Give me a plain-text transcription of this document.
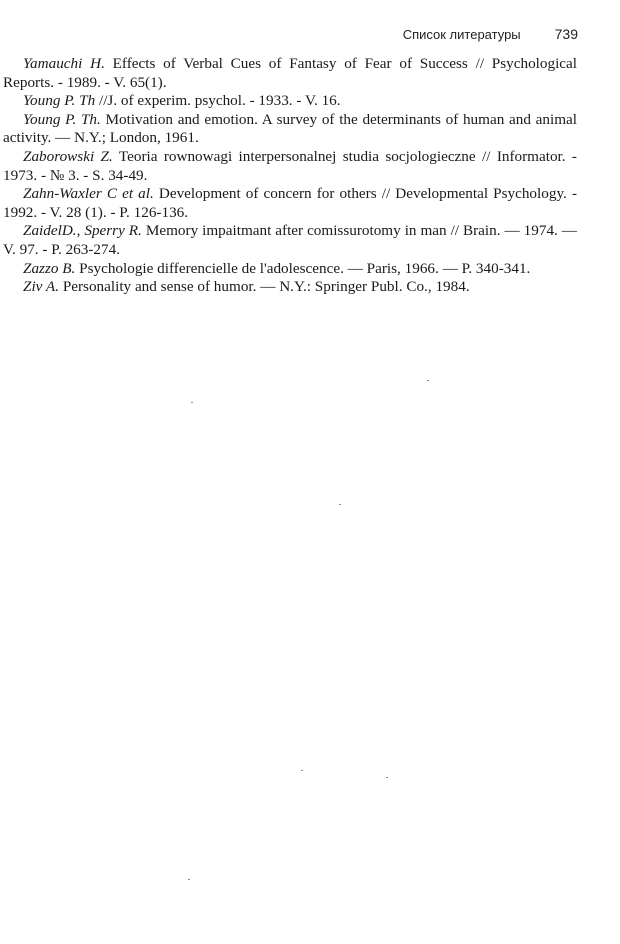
Список литературы 739

Yamauchi H. Effects of Verbal Cues of Fantasy of Fear of Success // Psychological Reports. - 1989. - V. 65(1).

Young P. Th //J. of experim. psychol. - 1933. - V. 16.

Young P. Th. Motivation and emotion. A survey of the determinants of human and animal activity. — N.Y.; London, 1961.

Zaborowski Z. Teoria rownowagi interpersonalnej studia socjologieczne // Informator. - 1973. - № 3. - S. 34-49.

Zahn-Waxler C et al. Development of concern for others // Developmental Psychology. - 1992. - V. 28 (1). - P. 126-136.

ZaidelD., Sperry R. Memory impaitmant after comissurotomy in man // Brain. — 1974. — V. 97. - P. 263-274.

Zazzo B. Psychologie differencielle de l'adolescence. — Paris, 1966. — P. 340-341.

Ziv A. Personality and sense of humor. — N.Y.: Springer Publ. Co., 1984.
